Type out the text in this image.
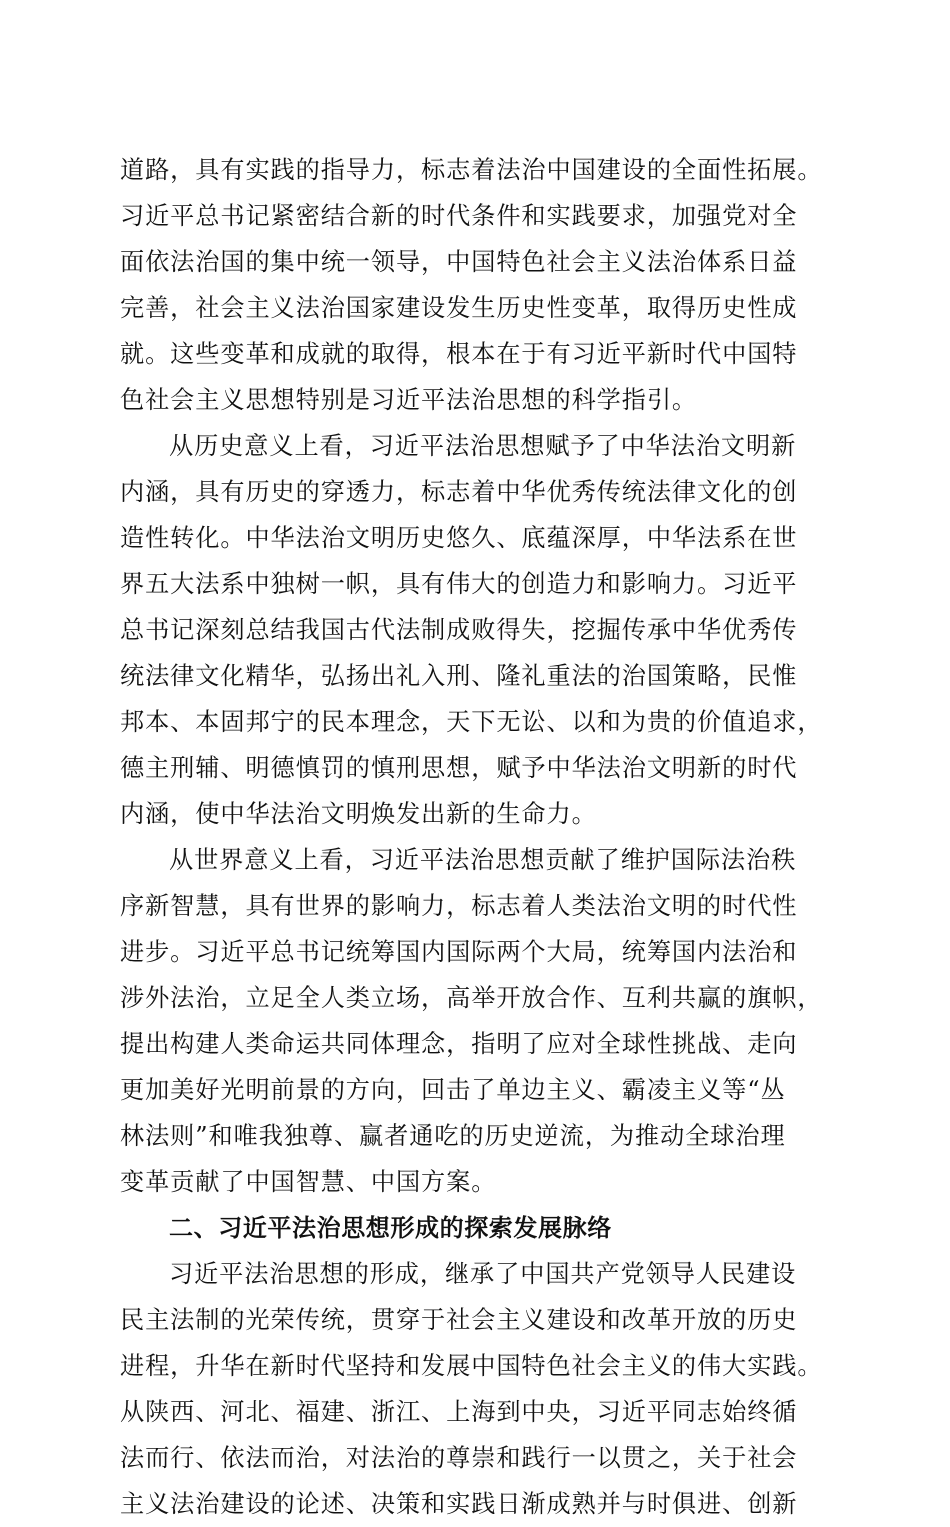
道路，具有实践的指导力，标志着法治中国建设的全面性拓展。
习近平总书记紧密结合新的时代条件和实践要求，加强党对全
面依法治国的集中统一领导，中国特色社会主义法治体系日益
完善，社会主义法治国家建设发生历史性变革，取得历史性成
就。这些变革和成就的取得，根本在于有习近平新时代中国特
色社会主义思想特别是习近平法治思想的科学指引。
从历史意义上看，习近平法治思想赋予了中华法治文明新
内涵，具有历史的穿透力，标志着中华优秀传统法律文化的创
造性转化。中华法治文明历史悠久、底蕴深厚，中华法系在世
界五大法系中独树一帜，具有伟大的创造力和影响力。习近平
总书记深刻总结我国古代法制成败得失，挖掘传承中华优秀传
统法律文化精华，弘扬出礼入刑、隆礼重法的治国策略，民惟
邦本、本固邦宁的民本理念，天下无讼、以和为贵的价值追求，
德主刑辅、明德慎罚的慎刑思想，赋予中华法治文明新的时代
内涵，使中华法治文明焕发出新的生命力。
从世界意义上看，习近平法治思想贡献了维护国际法治秩
序新智慧，具有世界的影响力，标志着人类法治文明的时代性
进步。习近平总书记统筹国内国际两个大局，统筹国内法治和
涉外法治，立足全人类立场，高举开放合作、互利共赢的旗帜，
提出构建人类命运共同体理念，指明了应对全球性挑战、走向
更加美好光明前景的方向，回击了单边主义、霸凌主义等“丛
林法则”和唯我独尊、赢者通吃的历史逆流，为推动全球治理
变革贡献了中国智慧、中国方案。
二、习近平法治思想形成的探索发展脉络
习近平法治思想的形成，继承了中国共产党领导人民建设
民主法制的光荣传统，贯穿于社会主义建设和改革开放的历史
进程，升华在新时代坚持和发展中国特色社会主义的伟大实践。
从陕西、河北、福建、浙江、上海到中央，习近平同志始终循
法而行、依法而治，对法治的尊崇和践行一以贯之，关于社会
主义法治建设的论述、决策和实践日渐成熟并与时俱进、创新
